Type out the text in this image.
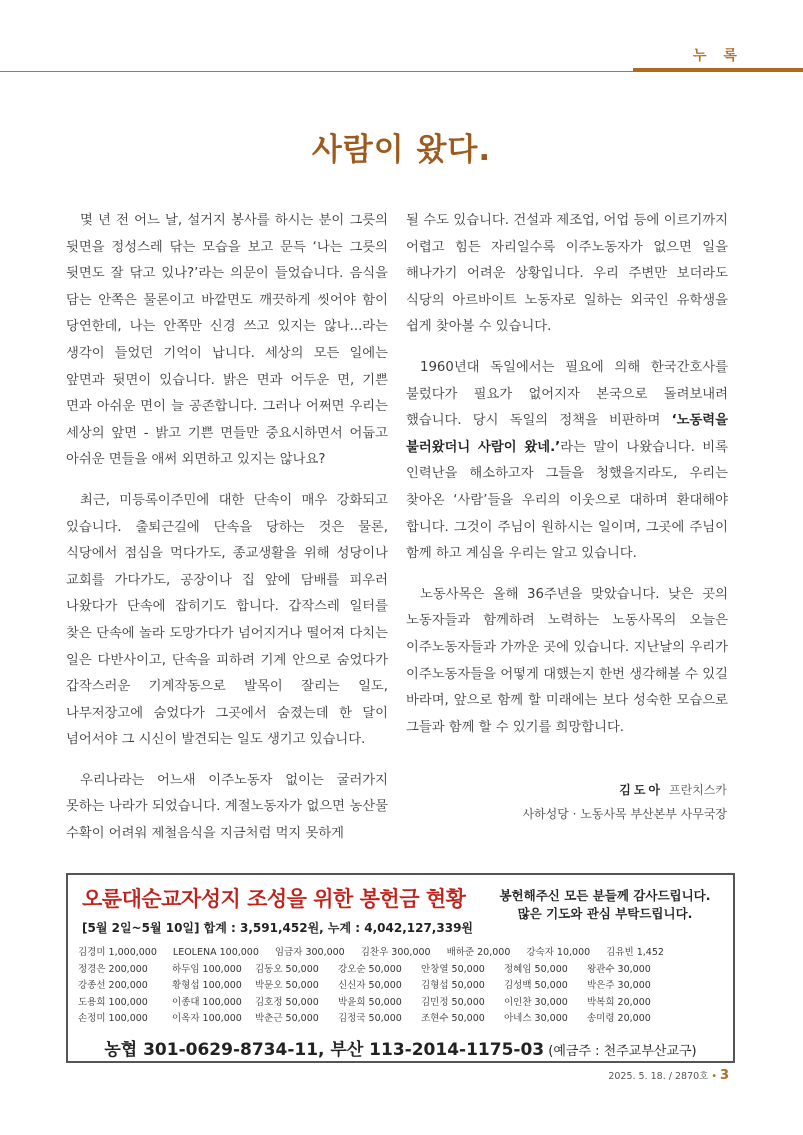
누 록
사람이 왔다.

몇 년 전 어느 날, 설거지 봉사를 하시는 분이 그릇의 뒷면을 정성스레 닦는 모습을 보고 문득 ‘나는 그릇의 뒷면도 잘 닦고 있나?’라는 의문이 들었습니다. 음식을 담는 안쪽은 물론이고 바깥면도 깨끗하게 씻어야 함이 당연한데, 나는 안쪽만 신경 쓰고 있지는 않나...라는 생각이 들었던 기억이 납니다. 세상의 모든 일에는 앞면과 뒷면이 있습니다. 밝은 면과 어두운 면, 기쁜 면과 아쉬운 면이 늘 공존합니다. 그러나 어쩌면 우리는 세상의 앞면 - 밝고 기쁜 면들만 중요시하면서 어둡고 아쉬운 면들을 애써 외면하고 있지는 않나요?

최근, 미등록이주민에 대한 단속이 매우 강화되고 있습니다. 출퇴근길에 단속을 당하는 것은 물론, 식당에서 점심을 먹다가도, 종교생활을 위해 성당이나 교회를 가다가도, 공장이나 집 앞에 담배를 피우러 나왔다가 단속에 잡히기도 합니다. 갑작스레 일터를 찾은 단속에 놀라 도망가다가 넘어지거나 떨어져 다치는 일은 다반사이고, 단속을 피하려 기계 안으로 숨었다가 갑작스러운 기계작동으로 발목이 잘리는 일도, 나무저장고에 숨었다가 그곳에서 숨졌는데 한 달이 넘어서야 그 시신이 발견되는 일도 생기고 있습니다.

우리나라는 어느새 이주노동자 없이는 굴러가지 못하는 나라가 되었습니다. 계절노동자가 없으면 농산물 수확이 어려워 제철음식을 지금처럼 먹지 못하게

될 수도 있습니다. 건설과 제조업, 어업 등에 이르기까지 어렵고 힘든 자리일수록 이주노동자가 없으면 일을 해나가기 어려운 상황입니다. 우리 주변만 보더라도 식당의 아르바이트 노동자로 일하는 외국인 유학생을 쉽게 찾아볼 수 있습니다.

1960년대 독일에서는 필요에 의해 한국간호사를 불렀다가 필요가 없어지자 본국으로 돌려보내려 했습니다. 당시 독일의 정책을 비판하며 ‘노동력을 불러왔더니 사람이 왔네.’라는 말이 나왔습니다. 비록 인력난을 해소하고자 그들을 청했을지라도, 우리는 찾아온 ‘사람’들을 우리의 이웃으로 대하며 환대해야 합니다. 그것이 주님이 원하시는 일이며, 그곳에 주님이 함께 하고 계심을 우리는 알고 있습니다.

노동사목은 올해 36주년을 맞았습니다. 낮은 곳의 노동자들과 함께하려 노력하는 노동사목의 오늘은 이주노동자들과 가까운 곳에 있습니다. 지난날의 우리가 이주노동자들을 어떻게 대했는지 한번 생각해볼 수 있길 바라며, 앞으로 함께 할 미래에는 보다 성숙한 모습으로 그들과 함께 할 수 있기를 희망합니다.

김도아 프란치스카
사하성당 · 노동사목 부산본부 사무국장
오륜대순교자성지 조성을 위한 봉헌금 현황	봉헌해주신 모든 분들께 감사드립니다.
많은 기도와 관심 부탁드립니다.
[5월 2일~5월 10일] 합계 : 3,591,452원, 누계 : 4,042,127,339원
김경미 1,000,000 LEOLENA 100,000 임금자 300,000 김찬우 300,000 배하준 20,000 강숙자 10,000 김유빈 1,452
정경은 200,000	하두임 100,000	김동오 50,000	강오순 50,000	안창열 50,000	정혜임 50,000	왕관수 30,000
강종선 200,000	황형섭 100,000	박문오 50,000	신신자 50,000	김형섭 50,000	김성백 50,000	박은주 30,000
도용희 100,000	이종대 100,000	김호정 50,000	박윤희 50,000	김민정 50,000	이인찬 30,000	박복희 20,000
손정미 100,000	이옥자 100,000	박춘근 50,000	김정국 50,000	조현수 50,000	아네스 30,000	송미령 20,000
농협 301-0629-8734-11, 부산 113-2014-1175-03 (예금주 : 천주교부산교구)
2025. 5. 18. / 2870호 • 3
